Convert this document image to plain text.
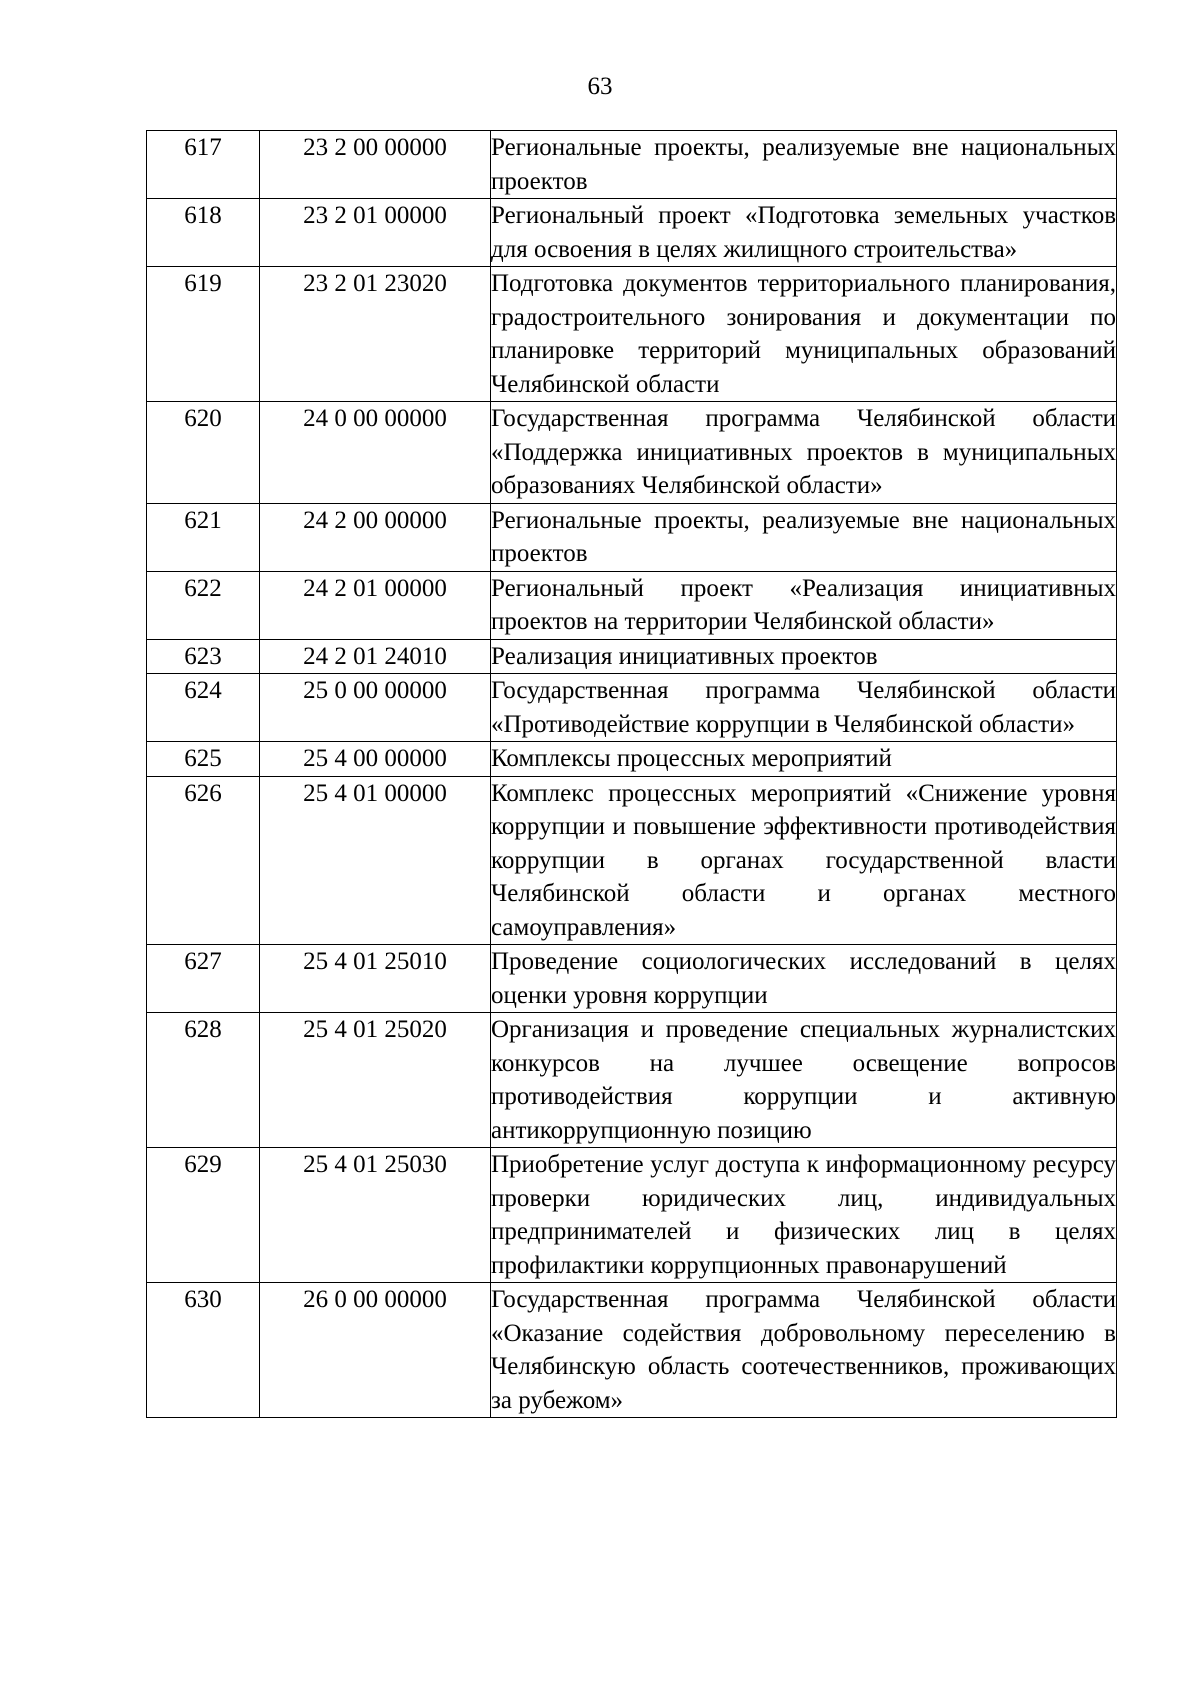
63
617	23 2 00 00000	Региональные проекты, реализуемые вне национальных проектов
618	23 2 01 00000	Региональный проект «Подготовка земельных участков для освоения в целях жилищного строительства»
619	23 2 01 23020	Подготовка документов территориального планирования, градостроительного зонирования и документации по планировке территорий муниципальных образований Челябинской области
620	24 0 00 00000	Государственная программа Челябинской области «Поддержка инициативных проектов в муниципальных образованиях Челябинской области»
621	24 2 00 00000	Региональные проекты, реализуемые вне национальных проектов
622	24 2 01 00000	Региональный проект «Реализация инициативных проектов на территории Челябинской области»
623	24 2 01 24010	Реализация инициативных проектов
624	25 0 00 00000	Государственная программа Челябинской области «Противодействие коррупции в Челябинской области»
625	25 4 00 00000	Комплексы процессных мероприятий
626	25 4 01 00000	Комплекс процессных мероприятий «Снижение уровня коррупции и повышение эффективности противодействия коррупции в органах государственной власти Челябинской области и органах местного самоуправления»
627	25 4 01 25010	Проведение социологических исследований в целях оценки уровня коррупции
628	25 4 01 25020	Организация и проведение специальных журналистских конкурсов на лучшее освещение вопросов противодействия коррупции и активную антикоррупционную позицию
629	25 4 01 25030	Приобретение услуг доступа к информационному ресурсу проверки юридических лиц, индивидуальных предпринимателей и физических лиц в целях профилактики коррупционных правонарушений
630	26 0 00 00000	Государственная программа Челябинской области «Оказание содействия добровольному переселению в Челябинскую область соотечественников, проживающих за рубежом»
